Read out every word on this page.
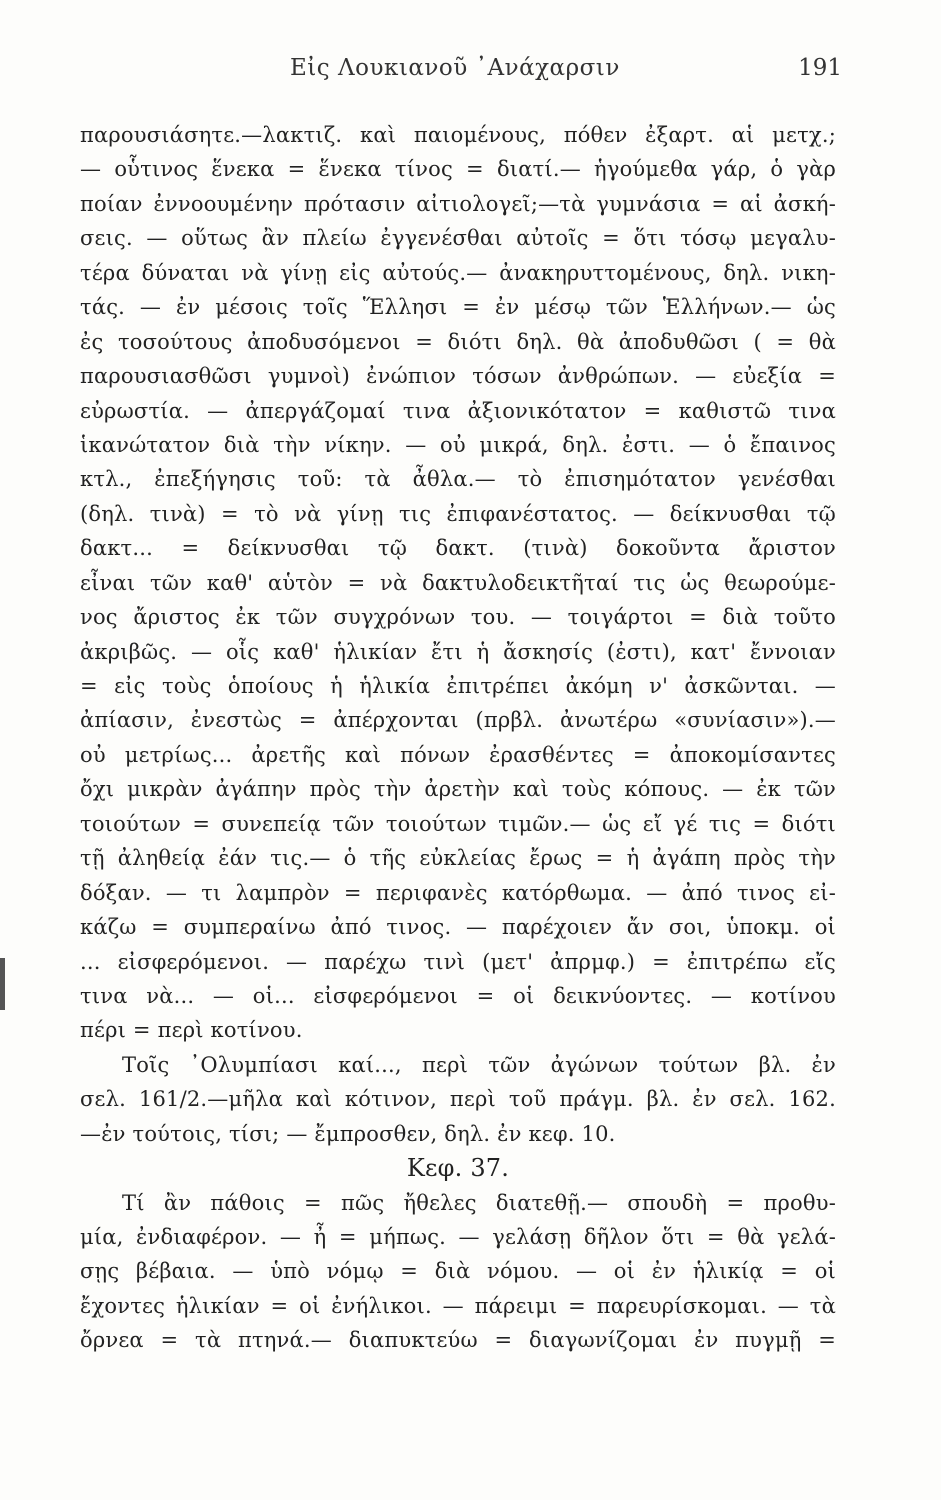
Εἰς Λουκιανοῦ ᾿Ανάχαρσιν	191
παρουσιάσητε.—λακτιζ. καὶ παιομένους, πόθεν ἐξαρτ. αἱ μετχ.;
— οὗτινος ἕνεκα = ἕνεκα τίνος = διατί.— ἡγούμεθα γάρ, ὁ γὰρ
ποίαν ἐννοουμένην πρότασιν αἰτιολογεῖ;—τὰ γυμνάσια = αἱ ἀσκή-
σεις. — οὕτως ἂν πλείω ἐγγενέσθαι αὐτοῖς = ὅτι τόσῳ μεγαλυ-
τέρα δύναται νὰ γίνῃ εἰς αὐτούς.— ἀνακηρυττομένους, δηλ. νικη-
τάς. — ἐν μέσοις τοῖς Ἕλλησι = ἐν μέσῳ τῶν Ἑλλήνων.— ὡς
ἐς τοσούτους ἀποδυσόμενοι = διότι δηλ. θὰ ἀποδυθῶσι ( = θὰ
παρουσιασθῶσι γυμνοὶ) ἐνώπιον τόσων ἀνθρώπων. — εὐεξία =
εὐρωστία. — ἀπεργάζομαί τινα ἀξιονικότατον = καθιστῶ τινα
ἱκανώτατον διὰ τὴν νίκην. — οὐ μικρά, δηλ. ἐστι. — ὁ ἔπαινος
κτλ., ἐπεξήγησις τοῦ: τὰ ἆθλα.— τὸ ἐπισημότατον γενέσθαι
(δηλ. τινὰ) = τὸ νὰ γίνῃ τις ἐπιφανέστατος. — δείκνυσθαι τῷ
δακτ... = δείκνυσθαι τῷ δακτ. (τινὰ) δοκοῦντα ἄριστον
εἶναι τῶν καθ' αὑτὸν = νὰ δακτυλοδεικτῆταί τις ὡς θεωρούμε-
νος ἄριστος ἐκ τῶν συγχρόνων του. — τοιγάρτοι = διὰ τοῦτο
ἀκριβῶς. — οἷς καθ' ἡλικίαν ἔτι ἡ ἄσκησίς (ἐστι), κατ' ἔννοιαν
= εἰς τοὺς ὁποίους ἡ ἡλικία ἐπιτρέπει ἀκόμη ν' ἀσκῶνται. —
ἀπίασιν, ἐνεστὼς = ἀπέρχονται (πρβλ. ἀνωτέρω «συνίασιν»).—
οὐ μετρίως... ἀρετῆς καὶ πόνων ἐρασθέντες = ἀποκομίσαντες
ὄχι μικρὰν ἀγάπην πρὸς τὴν ἀρετὴν καὶ τοὺς κόπους. — ἐκ τῶν
τοιούτων = συνεπείᾳ τῶν τοιούτων τιμῶν.— ὡς εἴ γέ τις = διότι
τῇ ἀληθείᾳ ἐάν τις.— ὁ τῆς εὐκλείας ἔρως = ἡ ἀγάπη πρὸς τὴν
δόξαν. — τι λαμπρὸν = περιφανὲς κατόρθωμα. — ἀπό τινος εἰ-
κάζω = συμπεραίνω ἀπό τινος. — παρέχοιεν ἄν σοι, ὑποκμ. οἱ
... εἰσφερόμενοι. — παρέχω τινὶ (μετ' ἀπρμφ.) = ἐπιτρέπω εἴς
τινα νὰ... — οἱ... εἰσφερόμενοι = οἱ δεικνύοντες. — κοτίνου
πέρι = περὶ κοτίνου.
Τοῖς ᾿Ολυμπίασι καί..., περὶ τῶν ἀγώνων τούτων βλ. ἐν
σελ. 161/2.—μῆλα καὶ κότινον, περὶ τοῦ πράγμ. βλ. ἐν σελ. 162.
—ἐν τούτοις, τίσι; — ἔμπροσθεν, δηλ. ἐν κεφ. 10.
Κεφ. 37.
Τί ἂν πάθοις = πῶς ἤθελες διατεθῇ.— σπουδὴ = προθυ-
μία, ἐνδιαφέρον. — ἦ = μήπως. — γελάσῃ δῆλον ὅτι = θὰ γελά-
σῃς βέβαια. — ὑπὸ νόμῳ = διὰ νόμου. — οἱ ἐν ἡλικίᾳ = οἱ
ἔχοντες ἡλικίαν = οἱ ἐνήλικοι. — πάρειμι = παρευρίσκομαι. — τὰ
ὄρνεα = τὰ πτηνά.— διαπυκτεύω = διαγωνίζομαι ἐν πυγμῇ =
